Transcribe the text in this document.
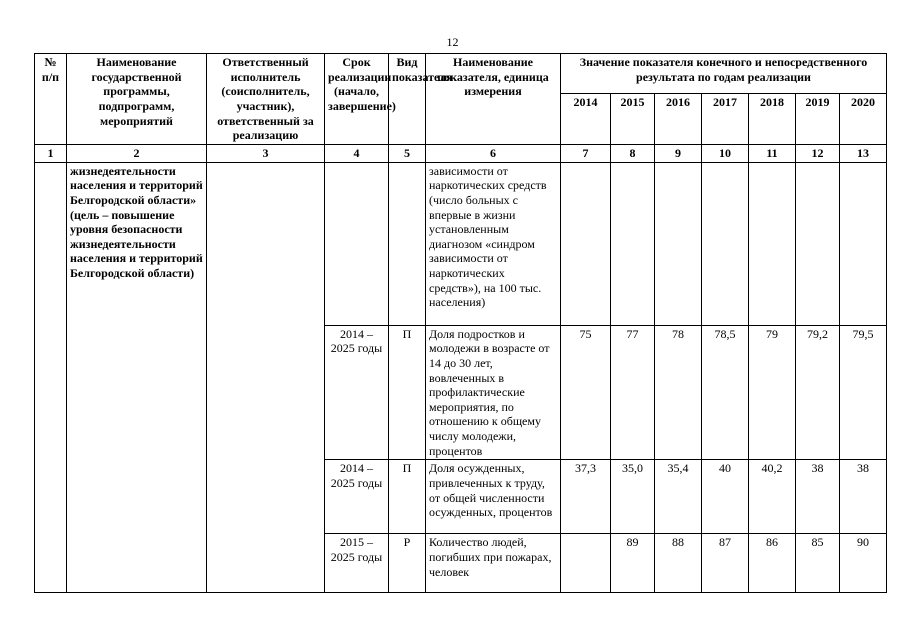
12
№ п/п	Наименование государственной программы, подпрограмм, мероприятий	Ответственный исполнитель (соисполнитель, участник), ответственный за реализацию	Срок реализации (начало, завершение)	Вид показателя	Наименование показателя, единица измерения	Значение показателя конечного и непосредственного результата по годам реализации						
						2014	2015	2016	2017	2018	2019	2020
1	2	3	4	5	6	7	8	9	10	11	12	13
	жизнедеятельности населения и территорий Белгородской области» (цель – повышение уровня безопасности жизнедеятельности населения и территорий Белгородской области)				зависимости от наркотических средств (число больных с впервые в жизни установленным диагнозом «синдром зависимости от наркотических средств»), на 100 тыс. населения)							
			2014 – 2025 годы	П	Доля подростков и молодежи в возрасте от 14 до 30 лет, вовлеченных в профилактические мероприятия, по отношению к общему числу молодежи, процентов	75	77	78	78,5	79	79,2	79,5
			2014 – 2025 годы	П	Доля осужденных, привлеченных к труду, от общей численности осужденных, процентов	37,3	35,0	35,4	40	40,2	38	38
			2015 – 2025 годы	Р	Количество людей, погибших при пожарах, человек		89	88	87	86	85	90
